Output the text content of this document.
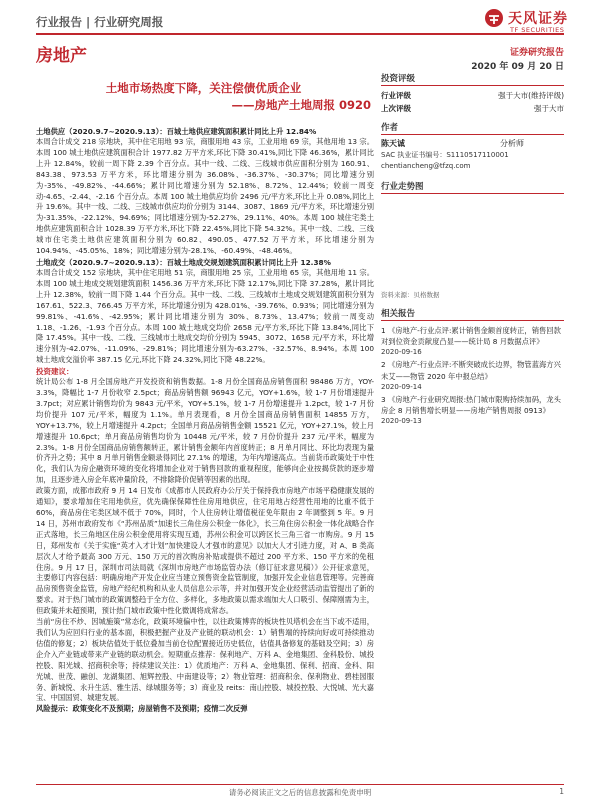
行业报告 | 行业研究周报	天风证券
TF SECURITIES
房地产	证券研究报告
2020 年 09 月 20 日
土地市场热度下降，关注偿债优质企业
——房地产土地周报 0920
投资评级
行业评级	强于大市(维持评级)
上次评级	强于大市
作者
陈天诚	分析师
SAC 执业证书编号：S1110517110001
chentiancheng@tfzq.com
行业走势图
资料来源：贝格数据
相关报告
1 《房地产-行业点评:累计销售金额首度转正，销售回款对到位资金贡献度凸显——统计局 8 月数据点评》
2020-09-16
2 《房地产-行业点评:不断突破成长边界，物管蓝海方兴未艾——物管 2020 年中报总结》
2020-09-14
3 《房地产-行业研究周报:热门城市限购持续加码，龙头房企 8 月销售增长明显——房地产销售周报 0913》
2020-09-13
土地供应（2020.9.7~2020.9.13）：百城土地供应建筑面积累计同比上升 12.84%

本周合计成交 218 宗地块，其中住宅用地 93 宗，商服用地 43 宗，工业用地 69 宗，其他用地 13 宗。本周 100 城土地供应建筑面积合计 1977.82 万平方米,环比下降 30.41%,同比下降 46.36%，累计同比上升 12.84%，较前一周下降 2.39 个百分点。其中一线、二线、三线城市供应面积分别为 160.91、843.38、973.53 万平方米，环比增速分别为 36.08%、-36.37%、-30.37%；同比增速分别为-35%、-49.82%、-44.66%；累计同比增速分别为 52.18%、8.72%、12.44%；较前一周变动-4.65、-2.44、-2.16 个百分点。本周 100 城土地供应均价 2496 元/平方米,环比上升 0.08%,同比上升 19.6%。其中一线、二线、三线城市供应均价分别为 3144、3087、1869 元/平方米，环比增速分别为-31.35%、-22.12%、94.69%；同比增速分别为-52.27%、29.11%、40%。本周 100 城住宅类土地供应建筑面积合计 1028.39 万平方米,环比下降 22.45%,同比下降 54.32%。其中一线、二线、三线城市住宅类土地供应建筑面积分别为 60.82、490.05、477.52 万平方米，环比增速分别为 104.94%、-45.05%、18%；同比增速分别为-28.1%、-60.49%、-48.46%。

土地成交（2020.9.7~2020.9.13）：百城土地成交规划建筑面积累计同比上升 12.38%

本周合计成交 152 宗地块，其中住宅用地 51 宗，商服用地 25 宗，工业用地 65 宗，其他用地 11 宗。本周 100 城土地成交规划建筑面积 1456.36 万平方米,环比下降 12.17%,同比下降 37.28%，累计同比上升 12.38%，较前一周下降 1.44 个百分点。其中一线、二线、三线城市土地成交规划建筑面积分别为 167.61、522.3、766.45 万平方米，环比增速分别为 428.01%、-39.76%、0.93%；同比增速分别为 99.81%、-41.6%、-42.95%；累计同比增速分别为 30%、8.73%、13.47%；较前一周变动 1.18、-1.26、-1.93 个百分点。本周 100 城土地成交均价 2658 元/平方米,环比下降 13.84%,同比下降 17.45%。其中一线、二线、三线城市土地成交均价分别为 5945、3072、1658 元/平方米，环比增速分别为-42.07%、-11.09%、-29.81%；同比增速分别为-63.27%、-32.57%、8.94%。本周 100 城土地成交溢价率 387.15 亿元,环比下降 24.32%,同比下降 48.22%。

投资建议：

统计局公布 1-8 月全国房地产开发投资和销售数据。1-8 月份全国商品房销售面积 98486 万方，YOY-3.3%，降幅比 1-7 月份收窄 2.5pct；商品房销售额 96943 亿元，YOY+1.6%，较 1-7 月份增速提升 3.7pct；对应累计销售均价为 9843 元/平米，YOY+5.1%，较 1-7 月份增速提升 1.2pct，较 1-7 月份均价提升 107 元/平米，幅度为 1.1%。单月表现看，8 月份全国商品房销售面积 14855 万方，YOY+13.7%，较上月增速提升 4.2pct；全国单月商品房销售金额 15521 亿元，YOY+27.1%，较上月增速提升 10.6pct；单月商品房销售均价为 10448 元/平米，较 7 月份价提升 237 元/平米，幅度为 2.3%。1-8 月份全国商品房销售额转正，累计销售金额年内首度转正；8 月单月同比、环比均表现为量价齐升之势；其中 8 月单月销售金额录得同比 27.1% 的增速，为年内增速高点。当前货币政策处于中性化，我们认为房企融资环境的变化将增加企业对于销售回款的重视程度，能够向企业按揭贷款的逐步增加，且逐步进入房企年底冲量阶段，不排除降价促销等因素的出现。

政策方面，成都市政府 9 月 14 日发布《成都市人民政府办公厅关于保持我市房地产市场平稳健康发展的通知》，要求增加住宅用地供应，优先确保保障性住房用地供应，住宅用地占经营性用地的比重不低于 60%，商品房住宅类区域不低于 70%，同时，个人住房转让增值税征免年限由 2 年调整到 5 年。9 月 14 日，苏州市政府发布《“苏州品质”加速长三角住房公积金一体化》，长三角住房公积金一体化战略合作正式落地，长三角地区住房公积金使用将实现互通，苏州公积金可以跨区长三角三省一市购房。9 月 15 日，郑州发布《关于实施“英才入才计划”加快建设人才强市的意见》以加大人才引进力度，对 A、B 类高层次人才给予最高 300 万元、150 万元的首次购房补贴或提供不超过 200 平方米、150 平方米的免租住房。9 月 17 日，深圳市司法局就《深圳市房地产市场监管办法（修订征求意见稿）》公开征求意见，主要修订内容包括：明确房地产开发企业应当建立预售资金监管制度，加强开发企业信息管理等。完善商品房预售资金监管，房地产经纪机构和从业人员信息公示等，并对加强开发企业经营活动监管提出了新的要求。对于热门城市的政策调整趋于全方位、多样化，多地政策以需求端加大人口吸引、保障刚需为主，但政策并未超预期，预计热门城市政策中性化微调将成常态。

当前“房住不炒、因城施策”常态化，政策环境偏中性，以往政策博弈的板块性贝塔机会在当下或不适用，我们认为应回归行业的基本面，积极把握产业及产业链的联动机会：1）销售端的持续向好或可持续推动估值的修复；2）板块估值处于低位叠加当前仓位配置接近历史低位，估值具备修复的基础及空间；3）房企介入产业链或带来产业链的联动机会。短期重点推荐：保利地产、万科 A、金地集团、金科股份、城投控股、阳光城、招商积余等；持续建议关注：1）优质地产：万科 A、金地集团、保利、招商、金科、阳光城、世茂、融创、龙湖集团、旭辉控股、中南建设等；2）物业管理：招商积余、保利物业、碧桂园服务、新城悦、永升生活、雅生活、绿城服务等；3）商业及 reits：南山控股、城投控股、大悦城、光大嘉宝、中国国贸、城建发展。

风险提示：政策变化不及预期；房屋销售不及预期；疫情二次反弹

请务必阅读正文之后的信息披露和免责申明	1
